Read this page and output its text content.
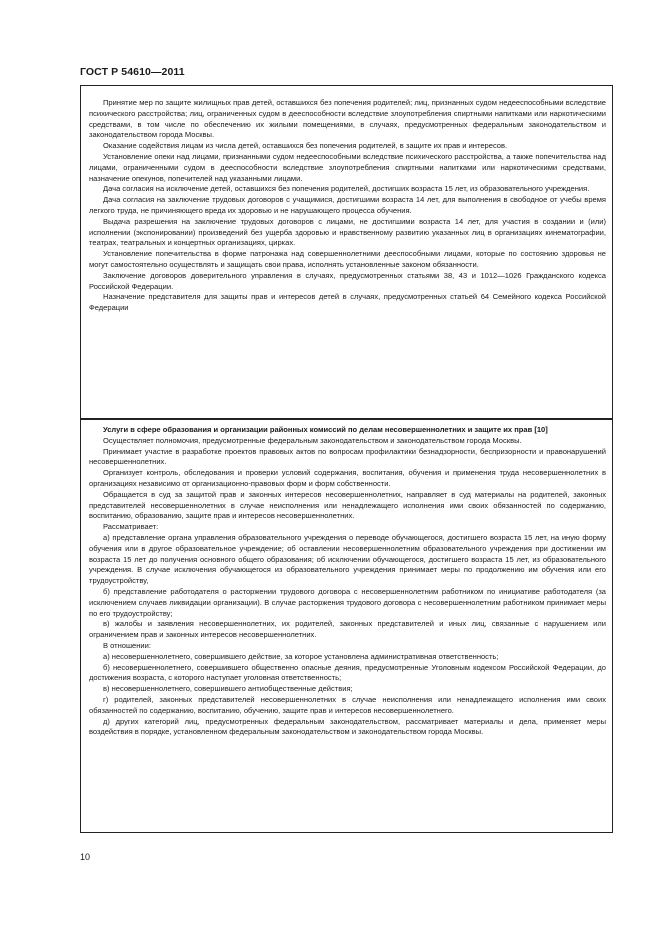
ГОСТ Р 54610—2011

Принятие мер по защите жилищных прав детей, оставшихся без попечения родителей; лиц, признанных судом недееспособными вследствие психического расстройства; лиц, ограниченных судом в дееспособности вследствие злоупотребления спиртными напитками или наркотическими средствами, в том числе по обеспечению их жилыми помещениями, в случаях, предусмотренных федеральным законодательством и законодательством города Москвы.

Оказание содействия лицам из числа детей, оставшихся без попечения родителей, в защите их прав и интересов.

Установление опеки над лицами, признанными судом недееспособными вследствие психического расстройства, а также попечительства над лицами, ограниченными судом в дееспособности вследствие злоупотребления спиртными напитками или наркотическими средствами, назначение опекунов, попечителей над указанными лицами.

Дача согласия на исключение детей, оставшихся без попечения родителей, достигших возраста 15 лет, из образовательного учреждения.

Дача согласия на заключение трудовых договоров с учащимися, достигшими возраста 14 лет, для выполнения в свободное от учебы время легкого труда, не причиняющего вреда их здоровью и не нарушающего процесса обучения.

Выдача разрешения на заключение трудовых договоров с лицами, не достигшими возраста 14 лет, для участия в создании и (или) исполнении (экспонировании) произведений без ущерба здоровью и нравственному развитию указанных лиц в организациях кинематографии, театрах, театральных и концертных организациях, цирках.

Установление попечительства в форме патронажа над совершеннолетними дееспособными лицами, которые по состоянию здоровья не могут самостоятельно осуществлять и защищать свои права, исполнять установленные законом обязанности.

Заключение договоров доверительного управления в случаях, предусмотренных статьями 38, 43 и 1012—1026 Гражданского кодекса Российской Федерации.

Назначение представителя для защиты прав и интересов детей в случаях, предусмотренных статьей 64 Семейного кодекса Российской Федерации

Услуги в сфере образования и организации районных комиссий по делам несовершеннолетних и защите их прав [10]

Осуществляет полномочия, предусмотренные федеральным законодательством и законодательством города Москвы.

Принимает участие в разработке проектов правовых актов по вопросам профилактики безнадзорности, беспризорности и правонарушений несовершеннолетних.

Организует контроль, обследования и проверки условий содержания, воспитания, обучения и применения труда несовершеннолетних в организациях независимо от организационно-правовых форм и форм собственности.

Обращается в суд за защитой прав и законных интересов несовершеннолетних, направляет в суд материалы на родителей, законных представителей несовершеннолетних в случае неисполнения или ненадлежащего исполнения ими своих обязанностей по содержанию, воспитанию, образованию, защите прав и интересов несовершеннолетних.

Рассматривает:

а) представление органа управления образовательного учреждения о переводе обучающегося, достигшего возраста 15 лет, на иную форму обучения или в другое образовательное учреждение; об оставлении несовершеннолетним образовательного учреждения при достижении им возраста 15 лет до получения основного общего образования; об исключении обучающегося, достигшего возраста 15 лет, из образовательного учреждения. В случае исключения обучающегося из образовательного учреждения принимает меры по продолжению им обучения или его трудоустройству,

б) представление работодателя о расторжении трудового договора с несовершеннолетним работником по инициативе работодателя (за исключением случаев ликвидации организации). В случае расторжения трудового договора с несовершеннолетним работником принимает меры по его трудоустройству;

в) жалобы и заявления несовершеннолетних, их родителей, законных представителей и иных лиц, связанные с нарушением или ограничением прав и законных интересов несовершеннолетних.

В отношении:

а) несовершеннолетнего, совершившего действие, за которое установлена административная ответственность;

б) несовершеннолетнего, совершившего общественно опасные деяния, предусмотренные Уголовным кодексом Российской Федерации, до достижения возраста, с которого наступает уголовная ответственность;

в) несовершеннолетнего, совершившего антиобщественные действия;

г) родителей, законных представителей несовершеннолетних в случае неисполнения или ненадлежащего исполнения ими своих обязанностей по содержанию, воспитанию, обучению, защите прав и интересов несовершеннолетнего.

д) других категорий лиц, предусмотренных федеральным законодательством, рассматривает материалы и дела, применяет меры воздействия в порядке, установленном федеральным законодательством и законодательством города Москвы.

10
